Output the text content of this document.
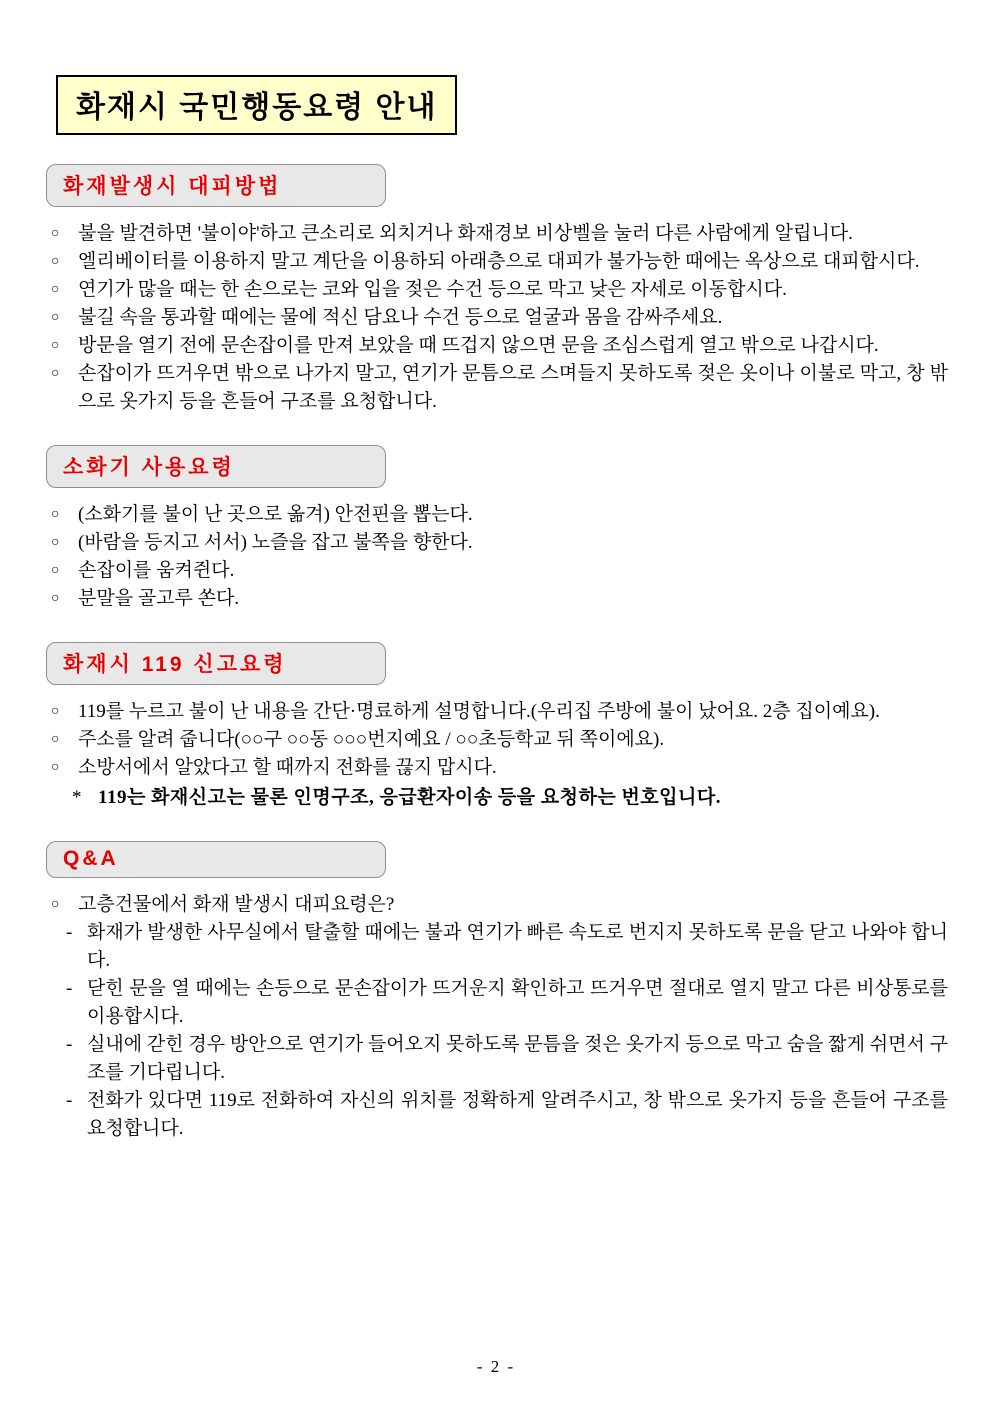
화재시 국민행동요령 안내
화재발생시 대피방법
○ 불을 발견하면 '불이야'하고 큰소리로 외치거나 화재경보 비상벨을 눌러 다른 사람에게 알립니다.
○ 엘리베이터를 이용하지 말고 계단을 이용하되 아래층으로 대피가 불가능한 때에는 옥상으로 대피합시다.
○ 연기가 많을 때는 한 손으로는 코와 입을 젖은 수건 등으로 막고 낮은 자세로 이동합시다.
○ 불길 속을 통과할 때에는 물에 적신 담요나 수건 등으로 얼굴과 몸을 감싸주세요.
○ 방문을 열기 전에 문손잡이를 만져 보았을 때 뜨겁지 않으면 문을 조심스럽게 열고 밖으로 나갑시다.
○ 손잡이가 뜨거우면 밖으로 나가지 말고, 연기가 문틈으로 스며들지 못하도록 젖은 옷이나 이불로 막고, 창 밖으로 옷가지 등을 흔들어 구조를 요청합니다.
소화기 사용요령
○ (소화기를 불이 난 곳으로 옮겨) 안전핀을 뽑는다.
○ (바람을 등지고 서서) 노즐을 잡고 불쪽을 향한다.
○ 손잡이를 움켜쥔다.
○ 분말을 골고루 쏜다.
화재시 119 신고요령
○ 119를 누르고 불이 난 내용을 간단·명료하게 설명합니다.(우리집 주방에 불이 났어요. 2층 집이예요).
○ 주소를 알려 줍니다(○○구 ○○동 ○○○번지예요 / ○○초등학교 뒤 쪽이에요).
○ 소방서에서 알았다고 할 때까지 전화를 끊지 맙시다.
* 119는 화재신고는 물론 인명구조, 응급환자이송 등을 요청하는 번호입니다.
Q&A
○ 고층건물에서 화재 발생시 대피요령은?
- 화재가 발생한 사무실에서 탈출할 때에는 불과 연기가 빠른 속도로 번지지 못하도록 문을 닫고 나와야 합니다.
- 닫힌 문을 열 때에는 손등으로 문손잡이가 뜨거운지 확인하고 뜨거우면 절대로 열지 말고 다른 비상통로를 이용합시다.
- 실내에 갇힌 경우 방안으로 연기가 들어오지 못하도록 문틈을 젖은 옷가지 등으로 막고 숨을 짧게 쉬면서 구조를 기다립니다.
- 전화가 있다면 119로 전화하여 자신의 위치를 정확하게 알려주시고, 창 밖으로 옷가지 등을 흔들어 구조를 요청합니다.
- 2 -
